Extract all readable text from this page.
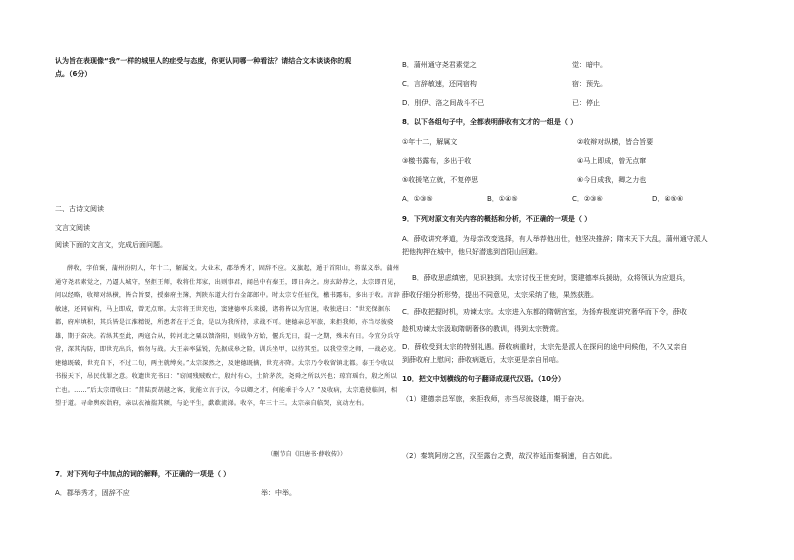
认为旨在表现像“我”一样的城里人的症受与态度，你更认同哪一种看法？请结合文本谈谈你的观
点。（6分）
二、古诗文阅读
文言文阅读
阅读下面的文言文，完成后面问题。

薛收，字伯褒，蒲州汾阴人，年十二，解属文。大业末，郡举秀才，固辞不应。义旗起，遁于首阳山，将谋义举。蒲州通守尧君素觉之，乃逼人城守，坚拒王师，收将仕邦家，出则事君，闻邑中有秦王，即日奔之。房玄龄荐之，太宗即召见，问以经略，收辩对纵横，皆合旨要，授秦府主簿，判陕东道大行台金部郎中。时太宗专任征伐，檄书露布，多出于收。言辞敏速，还同宿构，马上即成，曾无点窜。太宗将王世充也，窦建德率兵来援，诸将皆以为宜退，收独进曰：“世充保据东都，府库填积，其兵皆是江淮精锐，所患者在于乏食，是以为我所持，求战不可。建德亲总军旅，来拒我师，亦当尽彼骁雄，期于奋决。若纵其至此，两寇合从，转河北之粟以馈洛阳，则战争方始，偃兵无日，混一之期，殊未有日。今宜分兵守营，深其沟防，即世充出兵，慎勿与战。大王亲率猛锐，先据成皋之险，训兵坐甲，以待其至。以我堂堂之师，一战必克。建德既破，世充自下，不过二旬，两主就缚矣。”太宗深然之，及建德既擒，世充亦降。太宗乃令收留镇北都。泰王令收以书报天下，吊民伐罪之意。收遗世充书曰：“窃闻残贼败亡，殷纣有心，土阶茅茨，尧舜之所以兴也；琼宫瑶台，殷之所以亡也。……”后太宗谓收曰：“昔陆贾胡越之客，犹能立言于汉，今以卿之才，何能乖于今人？”及收病，太宗遣使临问，相望于道。寻命舆疾诣府，亲以衣袖揣其额，与论平生，歔欷流涕。收卒，年三十三。太宗亲自临哭，哀动左右。

（删节自《旧唐书·薛收传》）
7．对下列句子中加点的词的解释，不正确的一项是（ ）
A．郡举秀才，固辞不应	举：中举。
B．蒲州通守尧君素觉之	觉：暗中。
C．言辞敏速，还同宿构	宿：预先。
D．刖伊、洛之间战斗不已	已：停止
8．以下各组句子中，全都表明薛收有文才的一组是（ ）
①年十二，解属文	②收辩对纵横，皆合旨要
③檄书露布，多出于收	④马上即成，曾无点窜
⑤收援笔立就，不复停思	⑥今日成我，卿之力也
A．①③⑤	B．①④⑤	C．②③⑥	D．④⑤⑥
9．下列对原文有关内容的概括和分析，不正确的一项是（ ）
A．薛收讲究孝道，为母亲改变选择，有人举荐他出仕，他坚决推辞；隋末天下大乱，蒲州通守派人
把他拘押在城中，他只好潜逃到首阳山回避。
B．薛收思虑缜密，见识独到。太宗讨伐王世充时，窦建德率兵援助，众将领认为应退兵，
薛收仔细分析形势，提出不同意见，太宗采纳了他，果然获胜。
C．薛收把握时机，劝谏太宗。太宗进入东都的隋朝宫室，为扬弃极度讲究奢华而下令，薛收
趁机劝谏太宗汲取隋朝奢侈的教训，得到太宗赞赏。
D．薛收受到太宗的特别礼遇。薛收病重时，太宗先是派人在探问的途中问候他，不久又亲自
到薛收府上慰问；薛收病逝后，太宗更是亲自吊唁。
10．把文中划横线的句子翻译成现代汉语。（10分）
（1）建德亲总军旅，来拒我师，亦当尽彼骁雄，期于奋决。
（2）秦筑阿房之宫，汉至露台之费，故汉祚延而秦祸速，自古如此。
